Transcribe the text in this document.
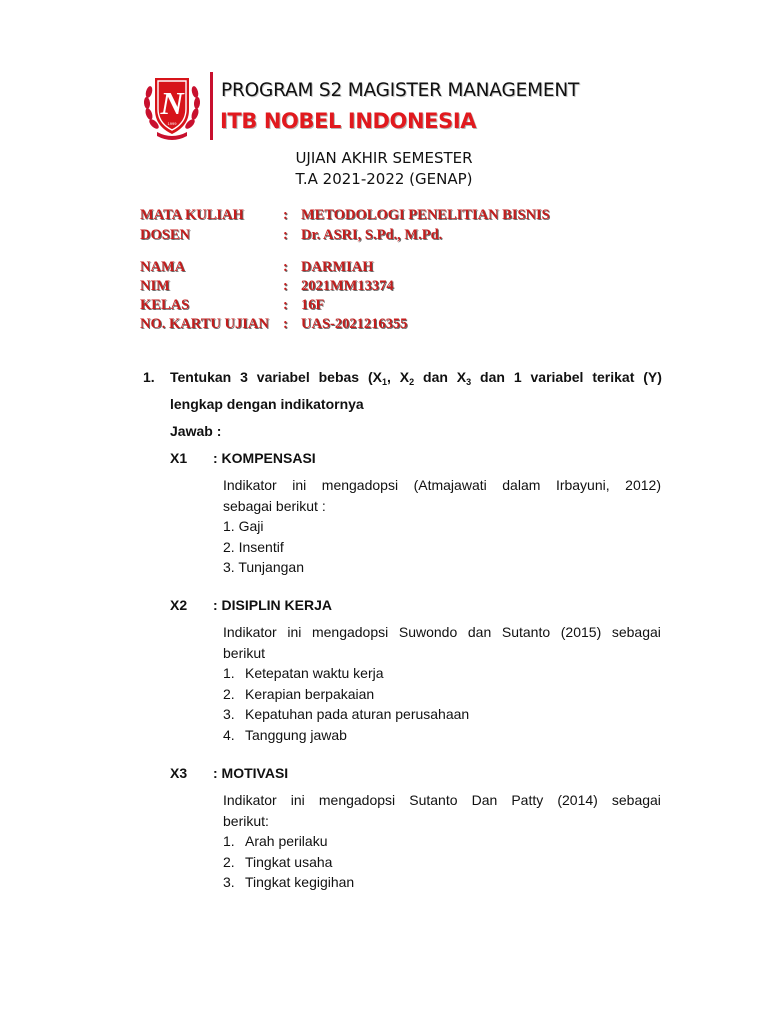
N
1999
PROGRAM S2 MAGISTER MANAGEMENT
ITB NOBEL INDONESIA
UJIAN AKHIR SEMESTER
T.A 2021-2022 (GENAP)
MATA KULIAH	: METODOLOGI PENELITIAN BISNIS
DOSEN	: Dr. ASRI, S.Pd., M.Pd.
NAMA	: DARMIAH
NIM	: 2021MM13374
KELAS	: 16F
NO. KARTU UJIAN : UAS-2021216355
1. Tentukan 3 variabel bebas ($X_1$, $X_2$ dan $X_3$ dan 1 variabel terikat (Y)
lengkap dengan indikatornya
Jawab :
X1 : KOMPENSASI
Indikator ini mengadopsi (Atmajawati dalam Irbayuni, 2012)
sebagai berikut :
1. Gaji
2. Insentif
3. Tunjangan
X2 : DISIPLIN KERJA
Indikator ini mengadopsi Suwondo dan Sutanto (2015) sebagai
berikut
1. Ketepatan waktu kerja
2. Kerapian berpakaian
3. Kepatuhan pada aturan perusahaan
4. Tanggung jawab
X3 : MOTIVASI
Indikator ini mengadopsi Sutanto Dan Patty (2014) sebagai
berikut:
1. Arah perilaku
2. Tingkat usaha
3. Tingkat kegigihan
